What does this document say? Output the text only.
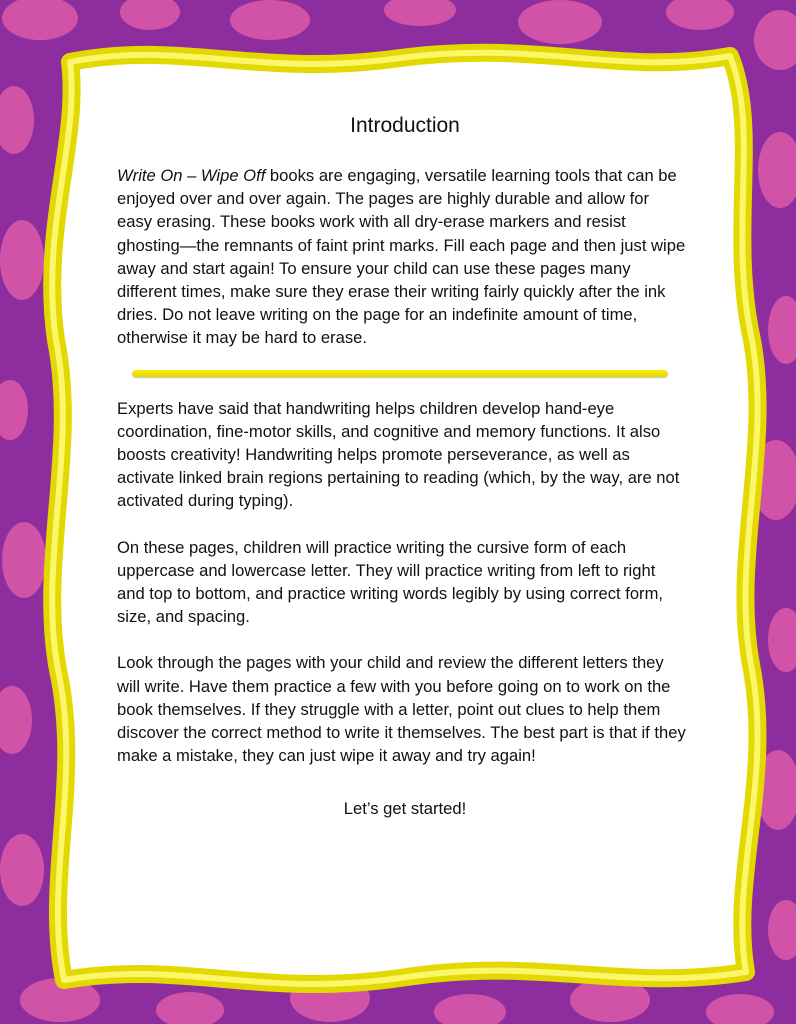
Introduction

Write On – Wipe Off books are engaging, versatile learning tools that can be enjoyed over and over again. The pages are highly durable and allow for easy erasing. These books work with all dry-erase markers and resist ghosting—the remnants of faint print marks. Fill each page and then just wipe away and start again! To ensure your child can use these pages many different times, make sure they erase their writing fairly quickly after the ink dries. Do not leave writing on the page for an indefinite amount of time, otherwise it may be hard to erase.

Experts have said that handwriting helps children develop hand-eye coordination, fine-motor skills, and cognitive and memory functions. It also boosts creativity! Handwriting helps promote perseverance, as well as activate linked brain regions pertaining to reading (which, by the way, are not activated during typing).

On these pages, children will practice writing the cursive form of each uppercase and lowercase letter. They will practice writing from left to right and top to bottom, and practice writing words legibly by using correct form, size, and spacing.

Look through the pages with your child and review the different letters they will write. Have them practice a few with you before going on to work on the book themselves. If they struggle with a letter, point out clues to help them discover the correct method to write it themselves. The best part is that if they make a mistake, they can just wipe it away and try again!

Let’s get started!
